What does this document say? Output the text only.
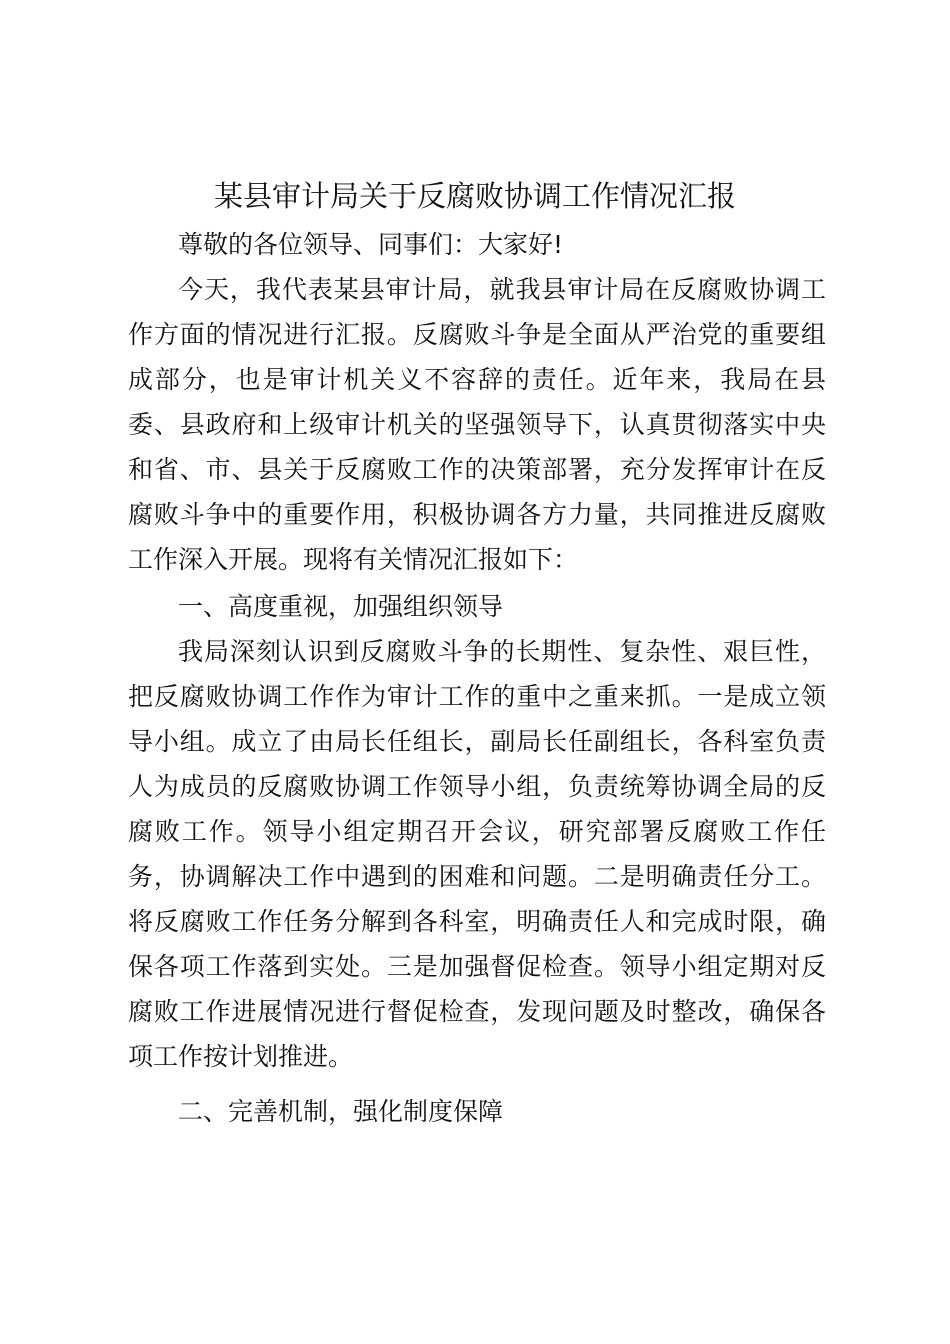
某县审计局关于反腐败协调工作情况汇报

尊敬的各位领导、同事们：大家好!

今天，我代表某县审计局，就我县审计局在反腐败协调工作方面的情况进行汇报。反腐败斗争是全面从严治党的重要组成部分，也是审计机关义不容辞的责任。近年来，我局在县委、县政府和上级审计机关的坚强领导下，认真贯彻落实中央和省、市、县关于反腐败工作的决策部署，充分发挥审计在反腐败斗争中的重要作用，积极协调各方力量，共同推进反腐败工作深入开展。现将有关情况汇报如下：

一、高度重视，加强组织领导

我局深刻认识到反腐败斗争的长期性、复杂性、艰巨性，把反腐败协调工作作为审计工作的重中之重来抓。一是成立领导小组。成立了由局长任组长，副局长任副组长，各科室负责人为成员的反腐败协调工作领导小组，负责统筹协调全局的反腐败工作。领导小组定期召开会议，研究部署反腐败工作任务，协调解决工作中遇到的困难和问题。二是明确责任分工。将反腐败工作任务分解到各科室，明确责任人和完成时限，确保各项工作落到实处。三是加强督促检查。领导小组定期对反腐败工作进展情况进行督促检查，发现问题及时整改，确保各项工作按计划推进。

二、完善机制，强化制度保障
